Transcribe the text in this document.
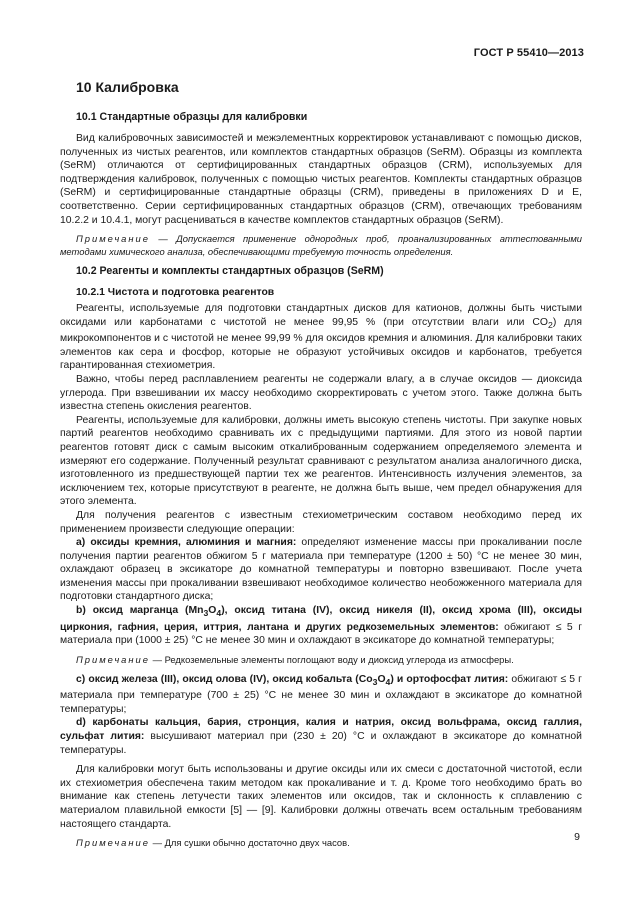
ГОСТ Р 55410—2013
10 Калибровка
10.1 Стандартные образцы для калибровки

Вид калибровочных зависимостей и межэлементных корректировок устанавливают с помощью дисков, полученных из чистых реагентов, или комплектов стандартных образцов (SeRM). Образцы из комплекта (SeRM) отличаются от сертифицированных стандартных образцов (CRM), используемых для подтверждения калибровок, полученных с помощью чистых реагентов. Комплекты стандартных образцов (SeRM) и сертифицированные стандартные образцы (CRM), приведены в приложениях D и E, соответственно. Серии сертифицированных стандартных образцов (CRM), отвечающих требованиям 10.2.2 и 10.4.1, могут расцениваться в качестве комплектов стандартных образцов (SeRM).

Примечание — Допускается применение однородных проб, проанализированных аттестованными методами химического анализа, обеспечивающими требуемую точность определения.

10.2 Реагенты и комплекты стандартных образцов (SeRM)
10.2.1 Чистота и подготовка реагентов

Реагенты, используемые для подготовки стандартных дисков для катионов, должны быть чистыми оксидами или карбонатами с чистотой не менее 99,95 % (при отсутствии влаги или $CO_2$) для микрокомпонентов и с чистотой не менее 99,99 % для оксидов кремния и алюминия. Для калибровки таких элементов как сера и фосфор, которые не образуют устойчивых оксидов и карбонатов, требуется гарантированная стехиометрия.

Важно, чтобы перед расплавлением реагенты не содержали влагу, а в случае оксидов — диоксида углерода. При взвешивании их массу необходимо скорректировать с учетом этого. Также должна быть известна степень окисления реагентов.

Реагенты, используемые для калибровки, должны иметь высокую степень чистоты. При закупке новых партий реагентов необходимо сравнивать их с предыдущими партиями. Для этого из новой партии реагентов готовят диск с самым высоким откалиброванным содержанием определяемого элемента и измеряют его содержание. Полученный результат сравнивают с результатом анализа аналогичного диска, изготовленного из предшествующей партии тех же реагентов. Интенсивность излучения элементов, за исключением тех, которые присутствуют в реагенте, не должна быть выше, чем предел обнаружения для этого элемента.

Для получения реагентов с известным стехиометрическим составом необходимо перед их применением произвести следующие операции:

а) оксиды кремния, алюминия и магния: определяют изменение массы при прокаливании после получения партии реагентов обжигом 5 г материала при температуре (1200 ± 50) °С не менее 30 мин, охлаждают образец в эксикаторе до комнатной температуры и повторно взвешивают. После учета изменения массы при прокаливании взвешивают необходимое количество необожженного материала для подготовки стандартного диска;

b) оксид марганца $(Mn_3O_4)$, оксид титана (IV), оксид никеля (II), оксид хрома (III), оксиды циркония, гафния, церия, иттрия, лантана и других редкоземельных элементов: обжигают ≤ 5 г материала при (1000 ± 25) °С не менее 30 мин и охлаждают в эксикаторе до комнатной температуры;

Примечание — Редкоземельные элементы поглощают воду и диоксид углерода из атмосферы.

c) оксид железа (III), оксид олова (IV), оксид кобальта $(Co_3O_4)$ и ортофосфат лития: обжигают ≤ 5 г материала при температуре (700 ± 25) °С не менее 30 мин и охлаждают в эксикаторе до комнатной температуры;

d) карбонаты кальция, бария, стронция, калия и натрия, оксид вольфрама, оксид галлия, сульфат лития: высушивают материал при (230 ± 20) °С и охлаждают в эксикаторе до комнатной температуры.

Для калибровки могут быть использованы и другие оксиды или их смеси с достаточной чистотой, если их стехиометрия обеспечена таким методом как прокаливание и т. д. Кроме того необходимо брать во внимание как степень летучести таких элементов или оксидов, так и склонность к сплавлению с материалом плавильной емкости [5] — [9]. Калибровки должны отвечать всем остальным требованиям настоящего стандарта.

Примечание — Для сушки обычно достаточно двух часов.	9
